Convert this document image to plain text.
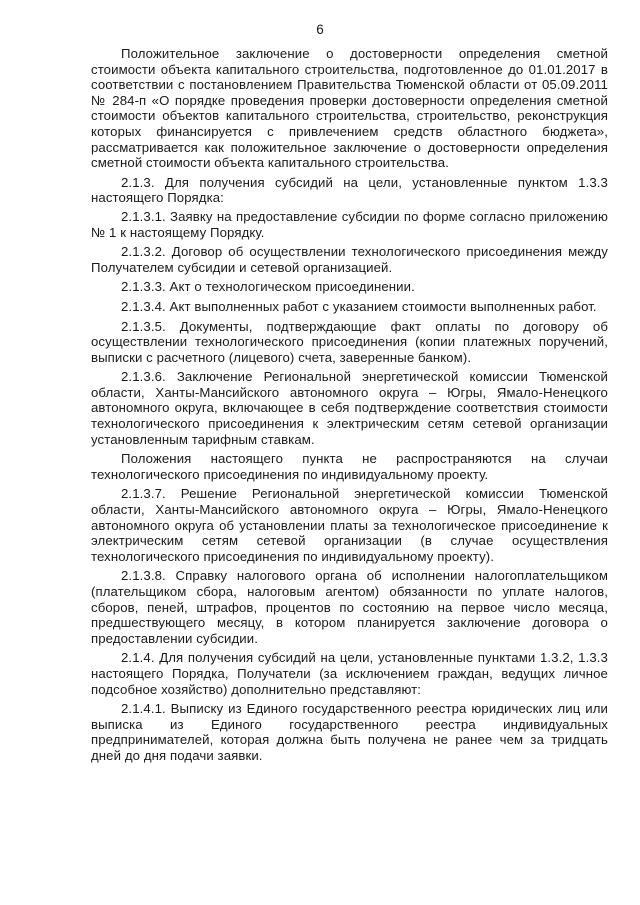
6

Положительное заключение о достоверности определения сметной стоимости объекта капитального строительства, подготовленное до 01.01.2017 в соответствии с постановлением Правительства Тюменской области от 05.09.2011 № 284-п «О порядке проведения проверки достоверности определения сметной стоимости объектов капитального строительства, строительство, реконструкция которых финансируется с привлечением средств областного бюджета», рассматривается как положительное заключение о достоверности определения сметной стоимости объекта капитального строительства.

2.1.3. Для получения субсидий на цели, установленные пунктом 1.3.3 настоящего Порядка:

2.1.3.1. Заявку на предоставление субсидии по форме согласно приложению № 1 к настоящему Порядку.

2.1.3.2. Договор об осуществлении технологического присоединения между Получателем субсидии и сетевой организацией.

2.1.3.3. Акт о технологическом присоединении.

2.1.3.4. Акт выполненных работ с указанием стоимости выполненных работ.

2.1.3.5. Документы, подтверждающие факт оплаты по договору об осуществлении технологического присоединения (копии платежных поручений, выписки с расчетного (лицевого) счета, заверенные банком).

2.1.3.6. Заключение Региональной энергетической комиссии Тюменской области, Ханты-Мансийского автономного округа – Югры, Ямало-Ненецкого автономного округа, включающее в себя подтверждение соответствия стоимости технологического присоединения к электрическим сетям сетевой организации установленным тарифным ставкам.

Положения настоящего пункта не распространяются на случаи технологического присоединения по индивидуальному проекту.

2.1.3.7. Решение Региональной энергетической комиссии Тюменской области, Ханты-Мансийского автономного округа – Югры, Ямало-Ненецкого автономного округа об установлении платы за технологическое присоединение к электрическим сетям сетевой организации (в случае осуществления технологического присоединения по индивидуальному проекту).

2.1.3.8. Справку налогового органа об исполнении налогоплательщиком (плательщиком сбора, налоговым агентом) обязанности по уплате налогов, сборов, пеней, штрафов, процентов по состоянию на первое число месяца, предшествующего месяцу, в котором планируется заключение договора о предоставлении субсидии.

2.1.4. Для получения субсидий на цели, установленные пунктами 1.3.2, 1.3.3 настоящего Порядка, Получатели (за исключением граждан, ведущих личное подсобное хозяйство) дополнительно представляют:

2.1.4.1. Выписку из Единого государственного реестра юридических лиц или выписка из Единого государственного реестра индивидуальных предпринимателей, которая должна быть получена не ранее чем за тридцать дней до дня подачи заявки.
